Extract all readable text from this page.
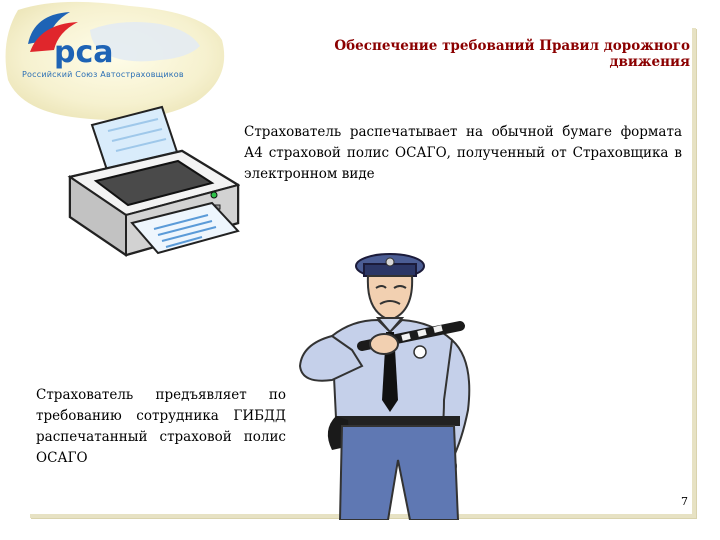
рса
Российский Союз Автостраховщиков
Обеспечение требований Правил дорожного движения
Страхователь распечатывает на обычной бумаге формата А4 страховой полис ОСАГО, полученный от Страховщика в электронном виде
Страхователь предъявляет по требованию сотрудника ГИБДД распечатанный страховой полис ОСАГО
7
